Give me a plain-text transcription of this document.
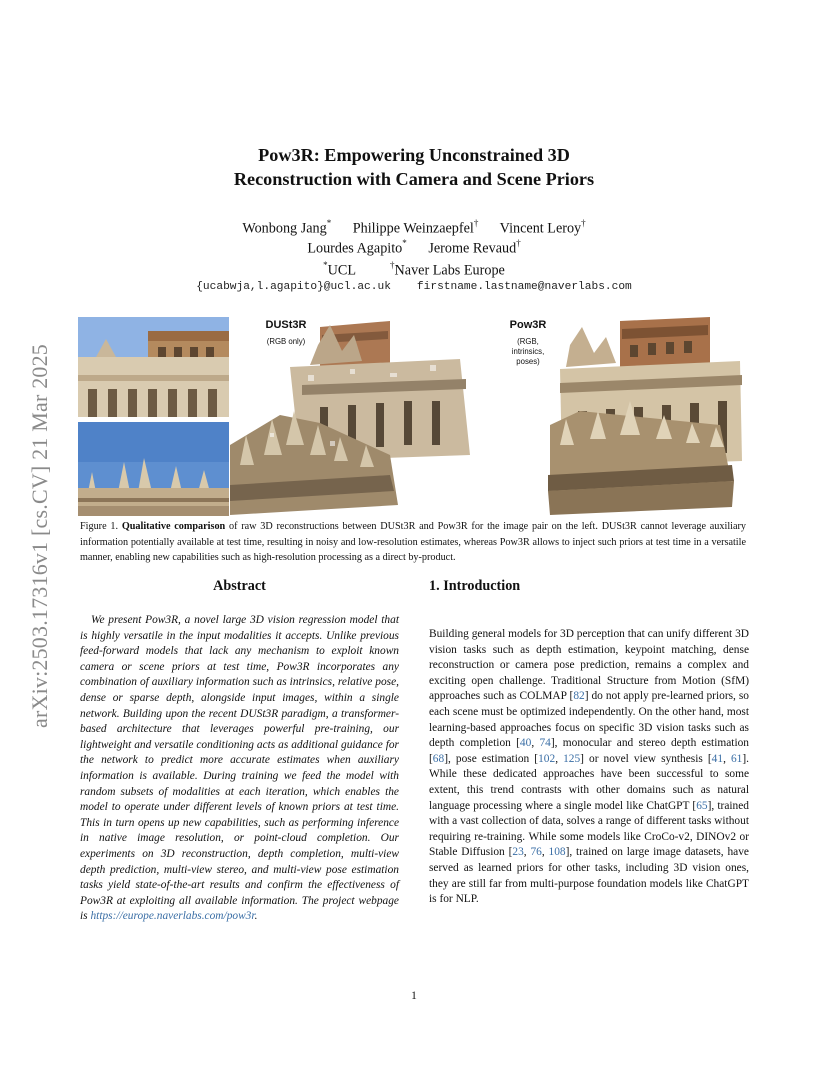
arXiv:2503.17316v1 [cs.CV] 21 Mar 2025
Pow3R: Empowering Unconstrained 3D
Reconstruction with Camera and Scene Priors
Wonbong Jang* Philippe Weinzaepfel† Vincent Leroy†
Lourdes Agapito* Jerome Revaud†
*UCL	†Naver Labs Europe
{ucabwja,l.agapito}@ucl.ac.uk firstname.lastname@naverlabs.com
DUSt3R
(RGB only)
Pow3R
(RGB,
intrinsics,
poses)
Figure 1. Qualitative comparison of raw 3D reconstructions between DUSt3R and Pow3R for the image pair on the left. DUSt3R cannot leverage auxiliary information potentially available at test time, resulting in noisy and low-resolution estimates, whereas Pow3R allows to inject such priors at test time in a versatile manner, enabling new capabilities such as high-resolution processing as a direct by-product.
Abstract

We present Pow3R, a novel large 3D vision regression model that is highly versatile in the input modalities it accepts. Unlike previous feed-forward models that lack any mechanism to exploit known camera or scene priors at test time, Pow3R incorporates any combination of auxiliary information such as intrinsics, relative pose, dense or sparse depth, alongside input images, within a single network. Building upon the recent DUSt3R paradigm, a transformer-based architecture that leverages powerful pre-training, our lightweight and versatile conditioning acts as additional guidance for the network to predict more accurate estimates when auxiliary information is available. During training we feed the model with random subsets of modalities at each iteration, which enables the model to operate under different levels of known priors at test time. This in turn opens up new capabilities, such as performing inference in native image resolution, or point-cloud completion. Our experiments on 3D reconstruction, depth completion, multi-view depth prediction, multi-view stereo, and multi-view pose estimation tasks yield state-of-the-art results and confirm the effectiveness of Pow3R at exploiting all available information. The project webpage is https://europe.naverlabs.com/pow3r.

1. Introduction

Building general models for 3D perception that can unify different 3D vision tasks such as depth estimation, keypoint matching, dense reconstruction or camera pose prediction, remains a complex and exciting open challenge. Traditional Structure from Motion (SfM) approaches such as COLMAP [82] do not apply pre-learned priors, so each scene must be optimized independently. On the other hand, most learning-based approaches focus on specific 3D vision tasks such as depth completion [40, 74], monocular and stereo depth estimation [68], pose estimation [102, 125] or novel view synthesis [41, 61]. While these dedicated approaches have been successful to some extent, this trend contrasts with other domains such as natural language processing where a single model like ChatGPT [65], trained with a vast collection of data, solves a range of different tasks without requiring re-training. While some models like CroCo-v2, DINOv2 or Stable Diffusion [23, 76, 108], trained on large image datasets, have served as learned priors for other tasks, including 3D vision ones, they are still far from multi-purpose foundation models like ChatGPT is for NLP.

1
